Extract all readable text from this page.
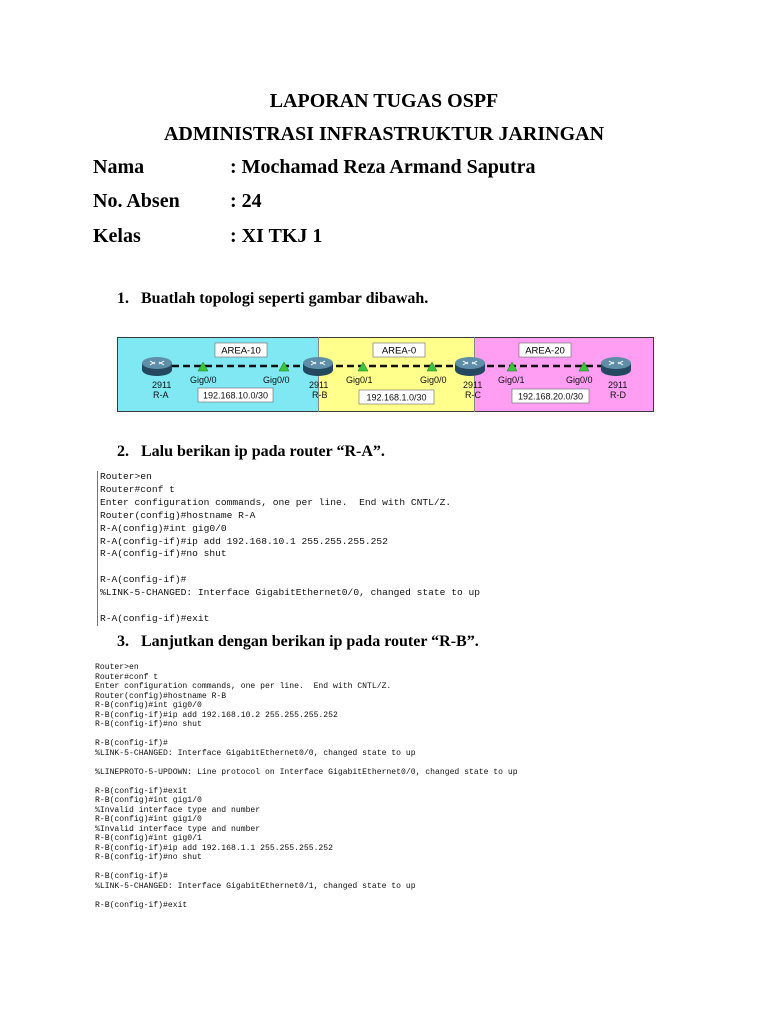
LAPORAN TUGAS OSPF
ADMINISTRASI INFRASTRUKTUR JARINGAN
Nama	: Mochamad Reza Armand Saputra
No. Absen	: 24
Kelas	: XI TKJ 1
1. Buatlah topologi seperti gambar dibawah.
AREA-10	AREA-0	AREA-20
2911
R-A
2911
R-B
2911
R-C
2911
R-D
Gig0/0	Gig0/0	Gig0/1	Gig0/0	Gig0/1	Gig0/0
192.168.10.0/30	192.168.1.0/30	192.168.20.0/30
2. Lalu berikan ip pada router “R-A”.
Router>en
Router#conf t
Enter configuration commands, one per line.  End with CNTL/Z.
Router(config)#hostname R-A
R-A(config)#int gig0/0
R-A(config-if)#ip add 192.168.10.1 255.255.255.252
R-A(config-if)#no shut

R-A(config-if)#
%LINK-5-CHANGED: Interface GigabitEthernet0/0, changed state to up

R-A(config-if)#exit
3. Lanjutkan dengan berikan ip pada router “R-B”.
Router>en
Router#conf t
Enter configuration commands, one per line.  End with CNTL/Z.
Router(config)#hostname R-B
R-B(config)#int gig0/0
R-B(config-if)#ip add 192.168.10.2 255.255.255.252
R-B(config-if)#no shut

R-B(config-if)#
%LINK-5-CHANGED: Interface GigabitEthernet0/0, changed state to up

%LINEPROTO-5-UPDOWN: Line protocol on Interface GigabitEthernet0/0, changed state to up

R-B(config-if)#exit
R-B(config)#int gig1/0
%Invalid interface type and number
R-B(config)#int gig1/0
%Invalid interface type and number
R-B(config)#int gig0/1
R-B(config-if)#ip add 192.168.1.1 255.255.255.252
R-B(config-if)#no shut

R-B(config-if)#
%LINK-5-CHANGED: Interface GigabitEthernet0/1, changed state to up

R-B(config-if)#exit
